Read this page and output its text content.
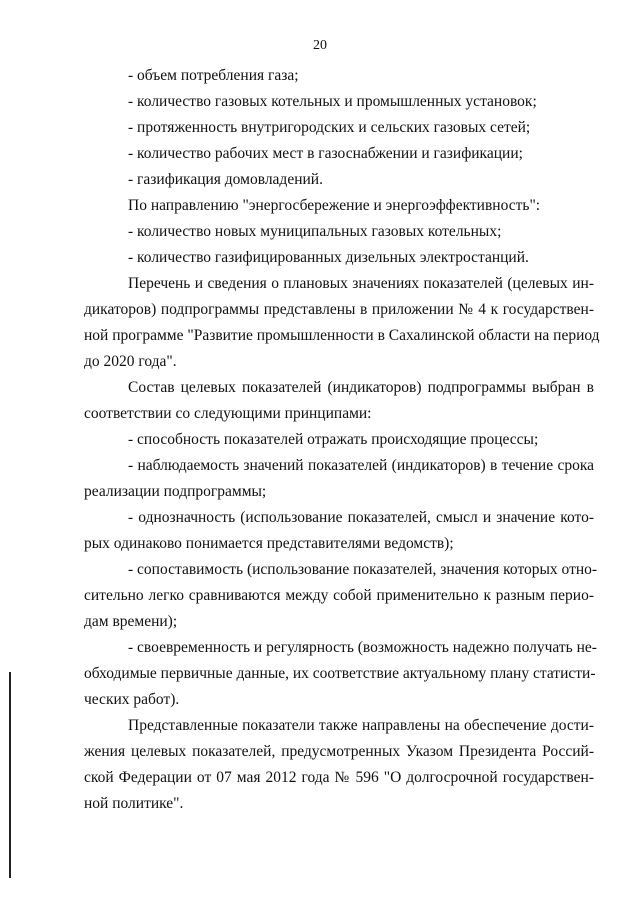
20
- объем потребления газа;
- количество газовых котельных и промышленных установок;
- протяженность внутригородских и сельских газовых сетей;
- количество рабочих мест в газоснабжении и газификации;
- газификация домовладений.
По направлению "энергосбережение и энергоэффективность":
- количество новых муниципальных газовых котельных;
- количество газифицированных дизельных электростанций.
Перечень и сведения о плановых значениях показателей (целевых ин-
дикаторов) подпрограммы представлены в приложении № 4 к государствен-
ной программе "Развитие промышленности в Сахалинской области на период
до 2020 года".
Состав целевых показателей (индикаторов) подпрограммы выбран в
соответствии со следующими принципами:
- способность показателей отражать происходящие процессы;
- наблюдаемость значений показателей (индикаторов) в течение срока
реализации подпрограммы;
- однозначность (использование показателей, смысл и значение кото-
рых одинаково понимается представителями ведомств);
- сопоставимость (использование показателей, значения которых отно-
сительно легко сравниваются между собой применительно к разным перио-
дам времени);
- своевременность и регулярность (возможность надежно получать не-
обходимые первичные данные, их соответствие актуальному плану статисти-
ческих работ).
Представленные показатели также направлены на обеспечение дости-
жения целевых показателей, предусмотренных Указом Президента Россий-
ской Федерации от 07 мая 2012 года № 596 "О долгосрочной государствен-
ной политике".
